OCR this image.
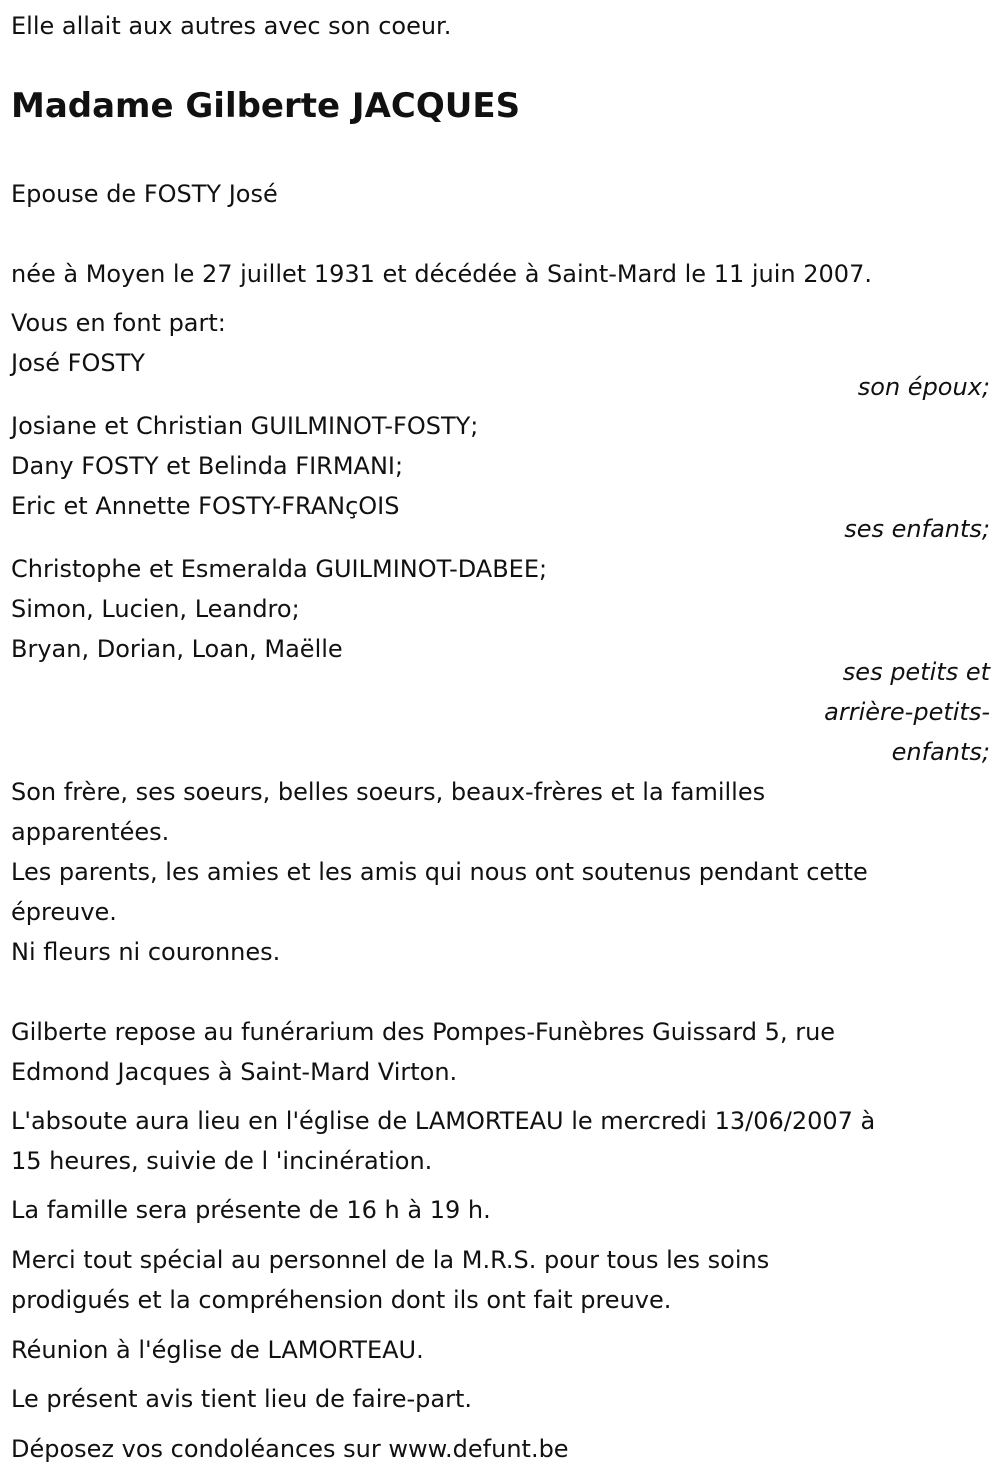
Elle allait aux autres avec son coeur.
Madame Gilberte JACQUES
Epouse de FOSTY José
née à Moyen le 27 juillet 1931 et décédée à Saint-Mard le 11 juin 2007.
Vous en font part:
José FOSTY
son époux;
Josiane et Christian GUILMINOT-FOSTY;
Dany FOSTY et Belinda FIRMANI;
Eric et Annette FOSTY-FRANçOIS
ses enfants;
Christophe et Esmeralda GUILMINOT-DABEE;
Simon, Lucien, Leandro;
Bryan, Dorian, Loan, Maëlle
ses petits et
arrière-petits-
enfants;
Son frère, ses soeurs, belles soeurs, beaux-frères et la familles
apparentées.
Les parents, les amies et les amis qui nous ont soutenus pendant cette
épreuve.
Ni fleurs ni couronnes.
Gilberte repose au funérarium des Pompes-Funèbres Guissard 5, rue
Edmond Jacques à Saint-Mard Virton.
L'absoute aura lieu en l'église de LAMORTEAU le mercredi 13/06/2007 à
15 heures, suivie de l 'incinération.
La famille sera présente de 16 h à 19 h.
Merci tout spécial au personnel de la M.R.S. pour tous les soins
prodigués et la compréhension dont ils ont fait preuve.
Réunion à l'église de LAMORTEAU.
Le présent avis tient lieu de faire-part.
Déposez vos condoléances sur www.defunt.be
